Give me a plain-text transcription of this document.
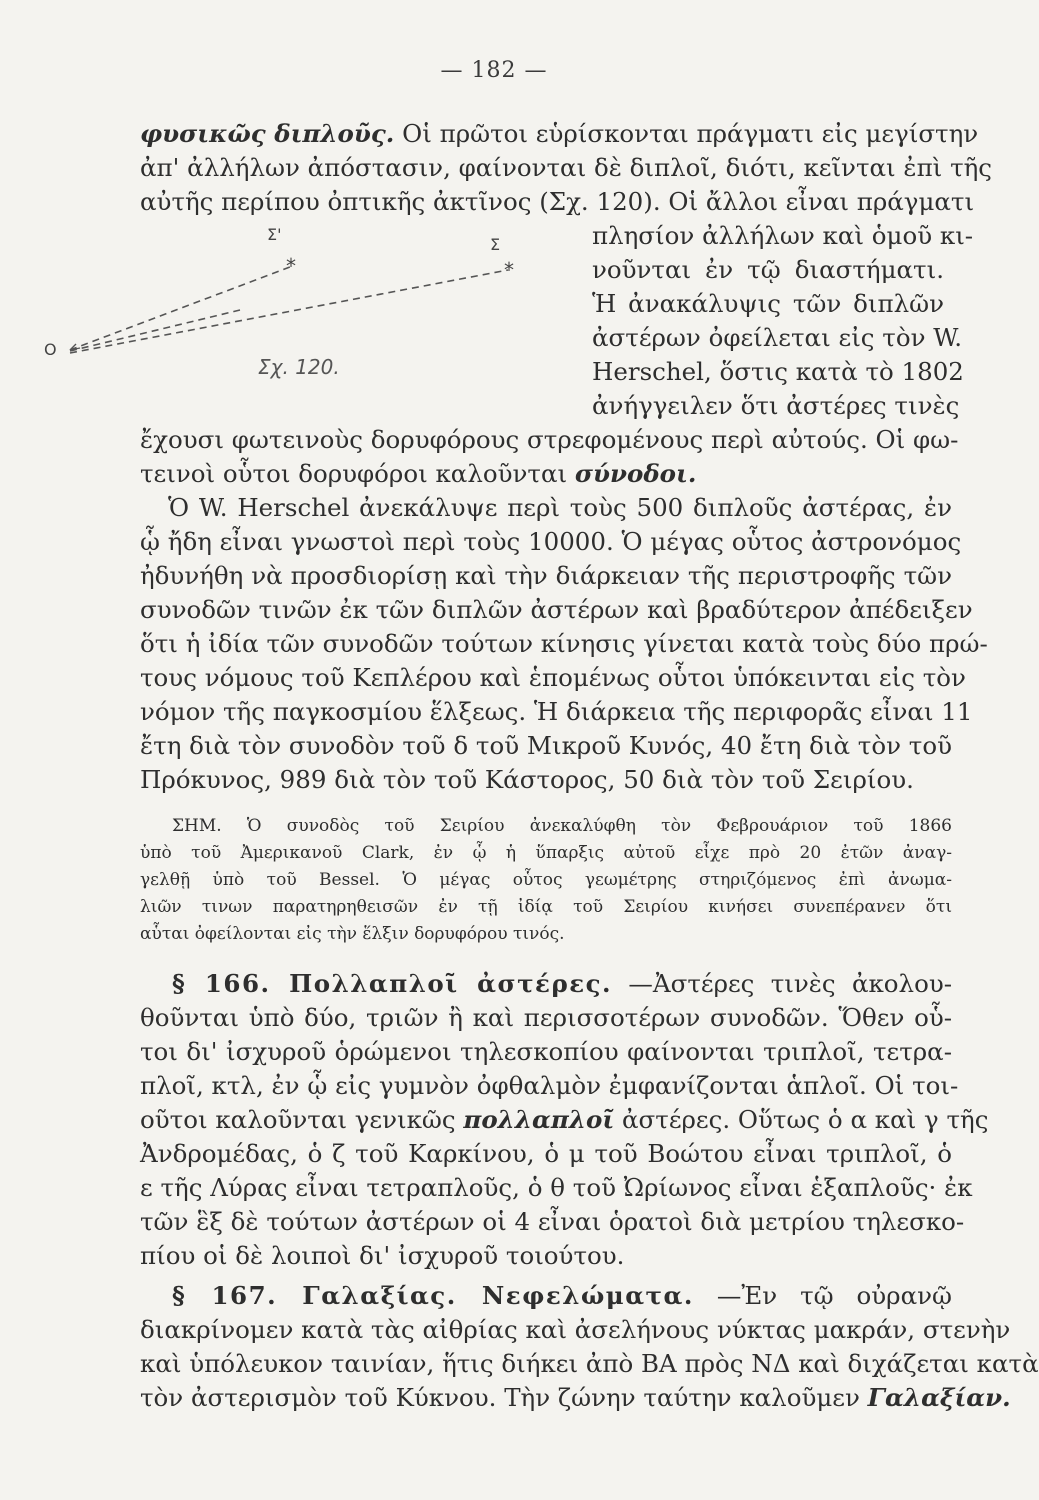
— 182 —
φυσικῶς διπλοῦς. Οἱ πρῶτοι εὑρίσκονται πράγματι εἰς μεγίστην
ἀπ' ἀλλήλων ἀπόστασιν, φαίνονται δὲ διπλοῖ, διότι, κεῖνται ἐπὶ τῆς
αὐτῆς περίπου ὀπτικῆς ἀκτῖνος (Σχ. 120). Οἱ ἄλλοι εἶναι πράγματι
πλησίον ἀλλήλων καὶ ὁμοῦ κι-
νοῦνται ἐν τῷ διαστήματι.
Ἡ ἀνακάλυψις τῶν διπλῶν
ἀστέρων ὀφείλεται εἰς τὸν W.
Herschel, ὅστις κατὰ τὸ 1802
ἀνήγγειλεν ὅτι ἀστέρες τινὲς
*	*
Σ'
Σ
O
Σχ. 120.
ἔχουσι φωτεινοὺς δορυφόρους στρεφομένους περὶ αὐτούς. Οἱ φω-
τεινοὶ οὗτοι δορυφόροι καλοῦνται σύνοδοι.
Ὁ W. Herschel ἀνεκάλυψε περὶ τοὺς 500 διπλοῦς ἀστέρας, ἐν
ᾧ ἤδη εἶναι γνωστοὶ περὶ τοὺς 10000. Ὁ μέγας οὗτος ἀστρονόμος
ἠδυνήθη νὰ προσδιορίσῃ καὶ τὴν διάρκειαν τῆς περιστροφῆς τῶν
συνοδῶν τινῶν ἐκ τῶν διπλῶν ἀστέρων καὶ βραδύτερον ἀπέδειξεν
ὅτι ἡ ἰδία τῶν συνοδῶν τούτων κίνησις γίνεται κατὰ τοὺς δύο πρώ-
τους νόμους τοῦ Κεπλέρου καὶ ἑπομένως οὗτοι ὑπόκεινται εἰς τὸν
νόμον τῆς παγκοσμίου ἕλξεως. Ἡ διάρκεια τῆς περιφορᾶς εἶναι 11
ἔτη διὰ τὸν συνοδὸν τοῦ δ τοῦ Μικροῦ Κυνός, 40 ἔτη διὰ τὸν τοῦ
Πρόκυνος, 989 διὰ τὸν τοῦ Κάστορος, 50 διὰ τὸν τοῦ Σειρίου.
ΣΗΜ. Ὁ συνοδὸς τοῦ Σειρίου ἀνεκαλύφθη τὸν Φεβρουάριον τοῦ 1866
ὑπὸ τοῦ Ἀμερικανοῦ Clark, ἐν ᾧ ἡ ὕπαρξις αὐτοῦ εἶχε πρὸ 20 ἐτῶν ἀναγ-
γελθῇ ὑπὸ τοῦ Bessel. Ὁ μέγας οὗτος γεωμέτρης στηριζόμενος ἐπὶ ἀνωμα-
λιῶν τινων παρατηρηθεισῶν ἐν τῇ ἰδίᾳ τοῦ Σειρίου κινήσει συνεπέρανεν ὅτι
αὗται ὀφείλονται εἰς τὴν ἕλξιν δορυφόρου τινός.
§ 166. Πολλαπλοῖ ἀστέρες. —Ἀστέρες τινὲς ἀκολου-
θοῦνται ὑπὸ δύο, τριῶν ἢ καὶ περισσοτέρων συνοδῶν. Ὅθεν οὗ-
τοι δι' ἰσχυροῦ ὁρώμενοι τηλεσκοπίου φαίνονται τριπλοῖ, τετρα-
πλοῖ, κτλ, ἐν ᾧ εἰς γυμνὸν ὀφθαλμὸν ἐμφανίζονται ἁπλοῖ. Οἱ τοι-
οῦτοι καλοῦνται γενικῶς πολλαπλοῖ ἀστέρες. Οὕτως ὁ α καὶ γ τῆς
Ἀνδρομέδας, ὁ ζ τοῦ Καρκίνου, ὁ μ τοῦ Βοώτου εἶναι τριπλοῖ, ὁ
ε τῆς Λύρας εἶναι τετραπλοῦς, ὁ θ τοῦ Ὠρίωνος εἶναι ἑξαπλοῦς· ἐκ
τῶν ἓξ δὲ τούτων ἀστέρων οἱ 4 εἶναι ὁρατοὶ διὰ μετρίου τηλεσκο-
πίου οἱ δὲ λοιποὶ δι' ἰσχυροῦ τοιούτου.
§ 167. Γαλαξίας. Νεφελώματα. —Ἐν τῷ οὐρανῷ
διακρίνομεν κατὰ τὰς αἰθρίας καὶ ἀσελήνους νύκτας μακράν, στενὴν
καὶ ὑπόλευκον ταινίαν, ἥτις διήκει ἀπὸ ΒΑ πρὸς ΝΔ καὶ διχάζεται κατὰ
τὸν ἀστερισμὸν τοῦ Κύκνου. Τὴν ζώνην ταύτην καλοῦμεν Γαλαξίαν.
